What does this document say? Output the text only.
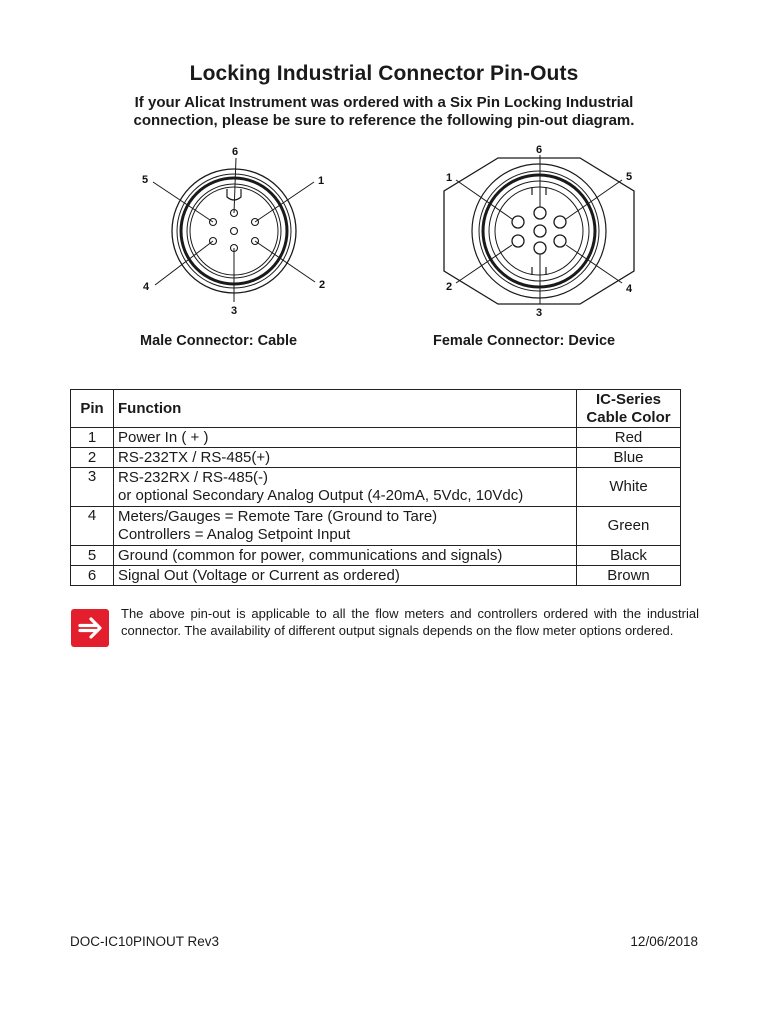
Locking Industrial Connector Pin-Outs
If your Alicat Instrument was ordered with a Six Pin Locking Industrial
connection, please be sure to reference the following pin-out diagram.
1
2
3
4
5
6
1
2
3
4
5
6
Male Connector: Cable	Female Connector: Device
Pin	Function	IC-Series
Cable Color

1	Power In ( + )	Red
2	RS-232TX / RS-485(+)	Blue
3	RS-232RX / RS-485(-)
or optional Secondary Analog Output (4-20mA, 5Vdc, 10Vdc)	White
4	Meters/Gauges = Remote Tare (Ground to Tare)
Controllers = Analog Setpoint Input	Green
5	Ground (common for power, communications and signals)	Black
6	Signal Out (Voltage or Current as ordered)	Brown
The above pin-out is applicable to all the flow meters and controllers ordered with the industrial connector. The availability of different output signals depends on the flow meter options ordered.
DOC-IC10PINOUT Rev3	12/06/2018
